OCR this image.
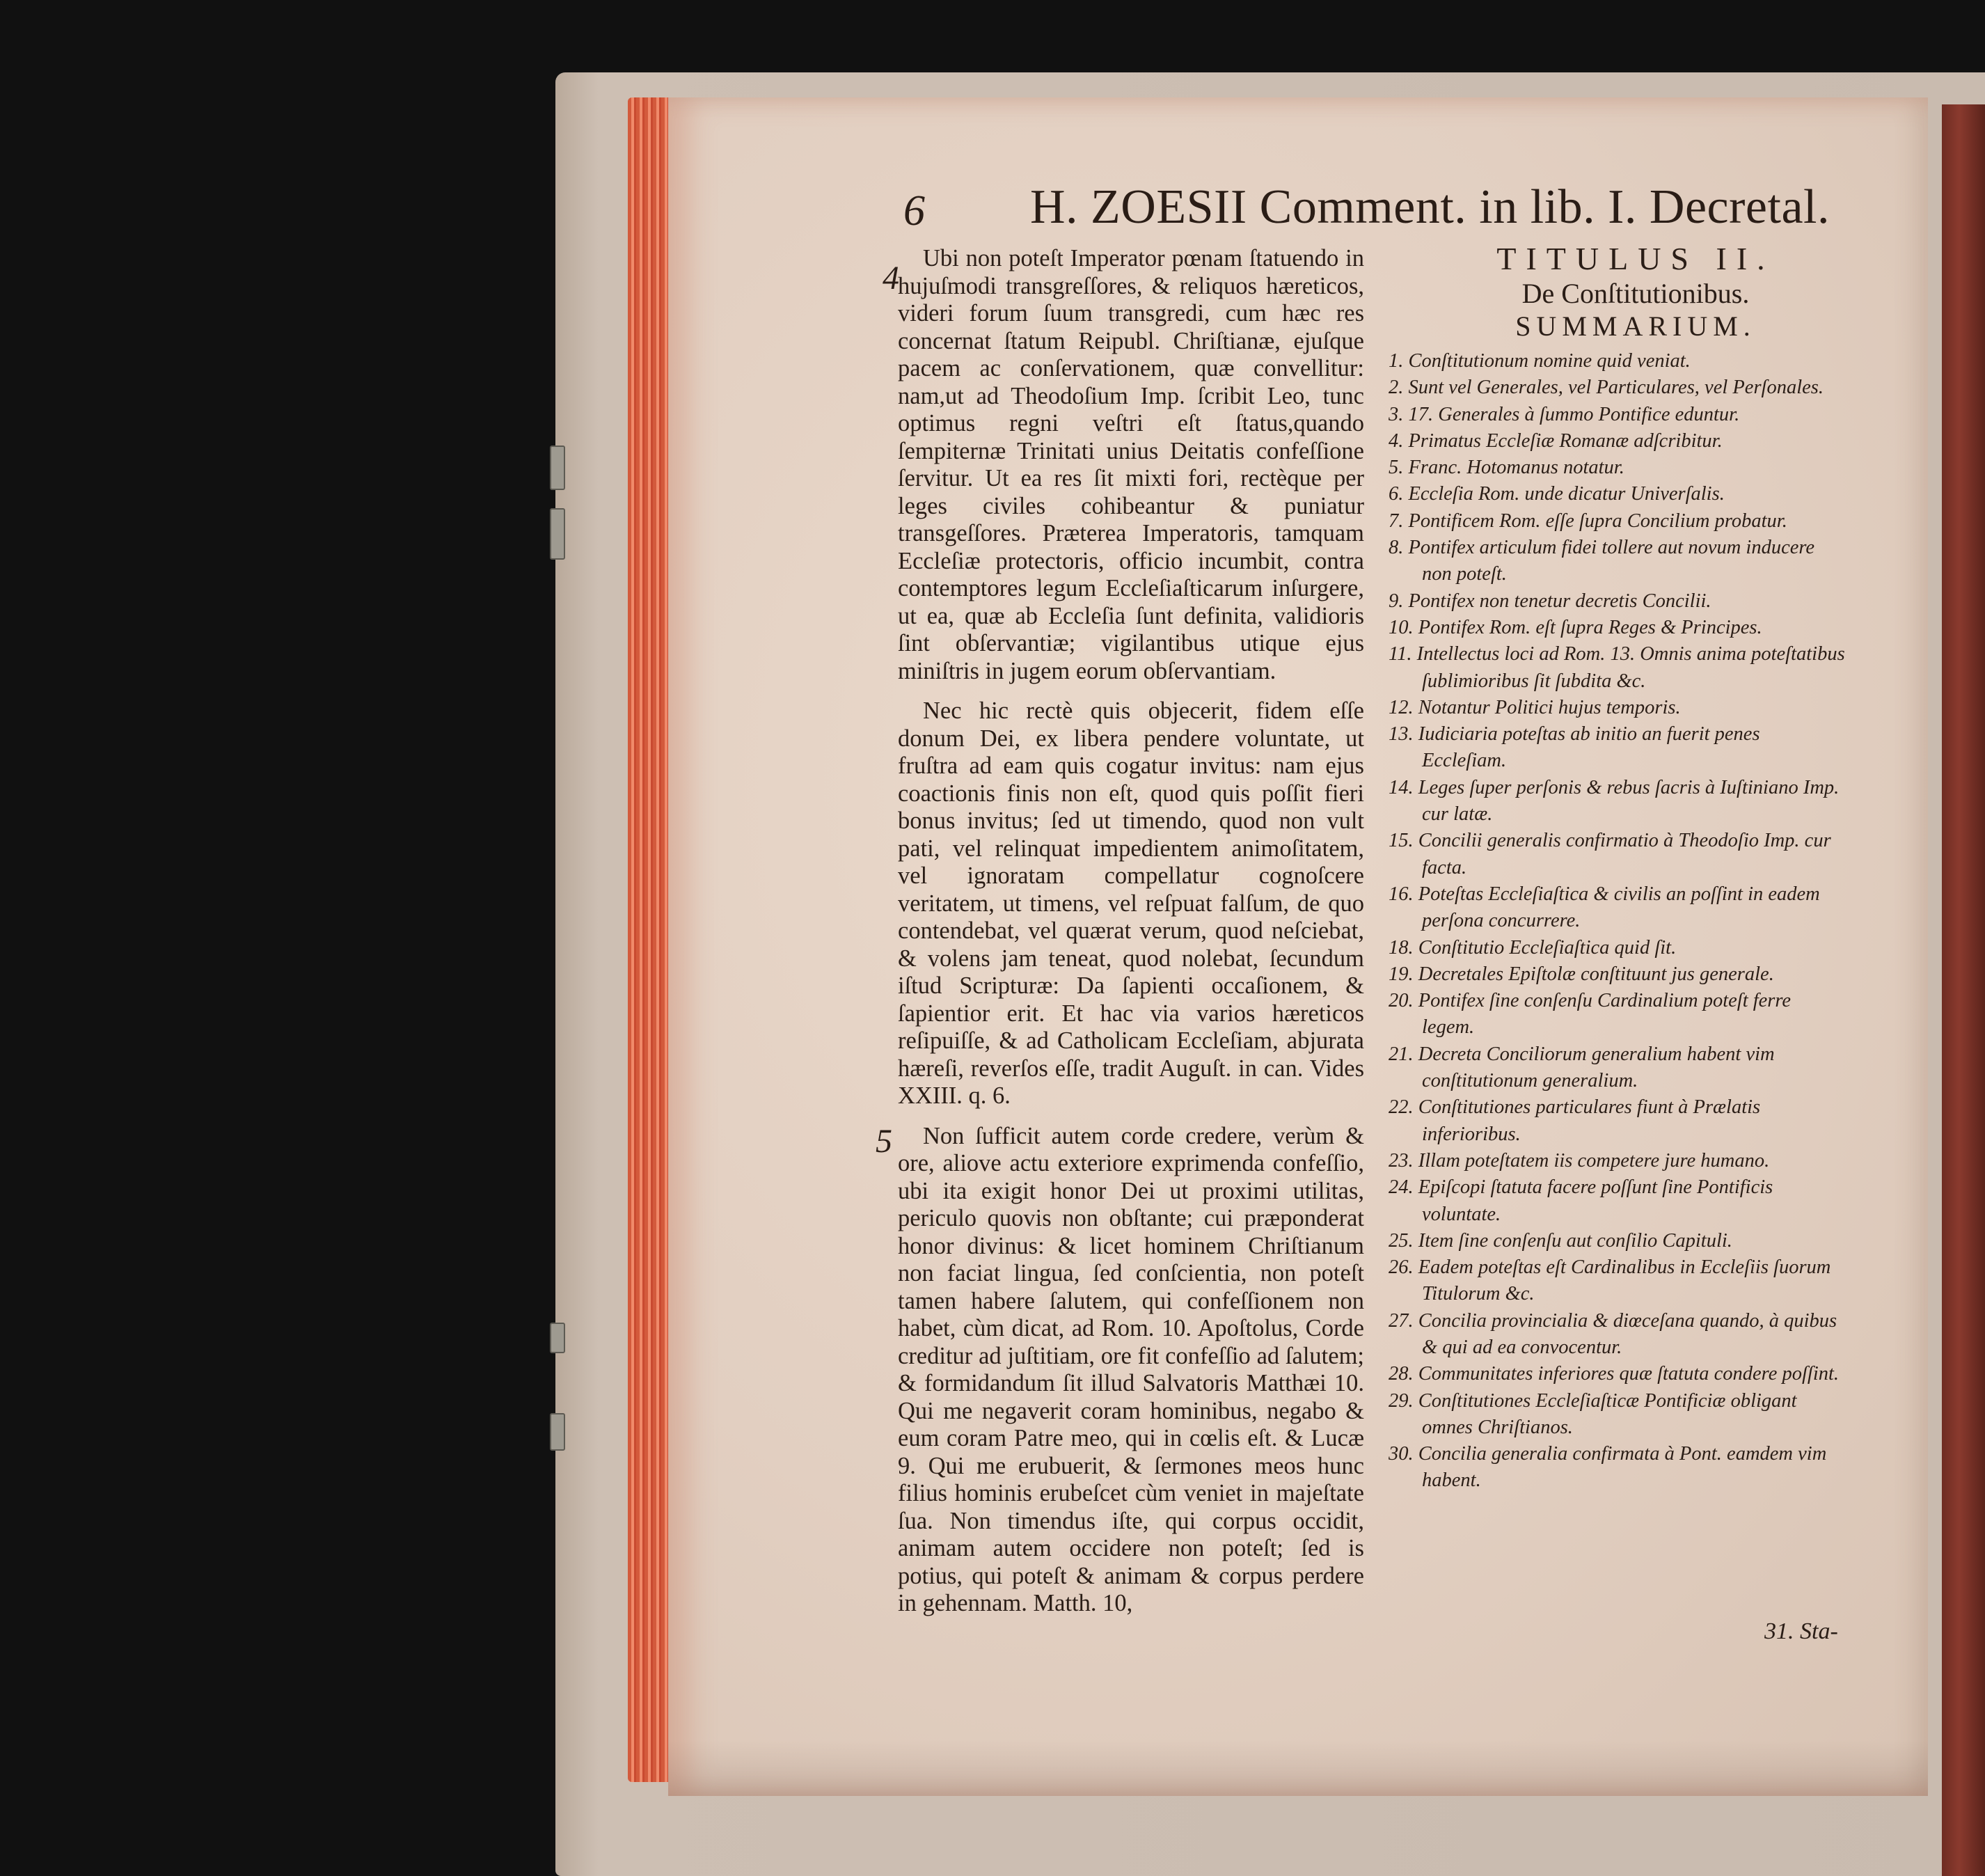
6 H. ZOESII Comment. in lib. I. Decretal.
4
5

Ubi non poteſt Imperator pœnam ſtatuendo in hujuſmodi transgreſſores, & reliquos hæreticos, videri forum ſuum transgredi, cum hæc res concernat ſtatum Reipubl. Chriſtianæ, ejuſque pacem ac conſervationem, quæ convellitur: nam,ut ad Theodoſium Imp. ſcribit Leo, tunc optimus regni veſtri eſt ſtatus,quando ſempiternæ Trinitati unius Deitatis confeſſione ſervitur. Ut ea res ſit mixti fori, rectèque per leges civiles cohibeantur & puniatur transgeſſores. Præterea Imperatoris, tamquam Eccleſiæ protectoris, officio incumbit, contra contemptores legum Eccleſiaſticarum inſurgere, ut ea, quæ ab Eccleſia ſunt definita, validioris ſint obſervantiæ; vigilantibus utique ejus miniſtris in jugem eorum obſervantiam.

Nec hic rectè quis objecerit, fidem eſſe donum Dei, ex libera pendere voluntate, ut fruſtra ad eam quis cogatur invitus: nam ejus coactionis finis non eſt, quod quis poſſit fieri bonus invitus; ſed ut timendo, quod non vult pati, vel relinquat impedientem animoſitatem, vel ignoratam compellatur cognoſcere veritatem, ut timens, vel reſpuat falſum, de quo contendebat, vel quærat verum, quod neſciebat, & volens jam teneat, quod nolebat, ſecundum iſtud Scripturæ: Da ſapienti occaſionem, & ſapientior erit. Et hac via varios hæreticos reſipuiſſe, & ad Catholicam Eccleſiam, abjurata hæreſi, reverſos eſſe, tradit Auguſt. in can. Vides XXIII. q. 6.

Non ſufficit autem corde credere, verùm & ore, aliove actu exteriore exprimenda confeſſio, ubi ita exigit honor Dei ut proximi utilitas, periculo quovis non obſtante; cui præponderat honor divinus: & licet hominem Chriſtianum non faciat lingua, ſed conſcientia, non poteſt tamen habere ſalutem, qui confeſſionem non habet, cùm dicat, ad Rom. 10. Apoſtolus, Corde creditur ad juſtitiam, ore fit confeſſio ad ſalutem; & formidandum ſit illud Salvatoris Matthæi 10. Qui me negaverit coram hominibus, negabo & eum coram Patre meo, qui in cœlis eſt. & Lucæ 9. Qui me erubuerit, & ſermones meos hunc filius hominis erubeſcet cùm veniet in majeſtate ſua. Non timendus iſte, qui corpus occidit, animam autem occidere non poteſt; ſed is potius, qui poteſt & animam & corpus perdere in gehennam. Matth. 10,

TITULUS II.
De Conſtitutionibus.
SUMMARIUM.
1. Conſtitutionum nomine quid veniat.
2. Sunt vel Generales, vel Particulares, vel Perſonales.
3. 17. Generales à ſummo Pontifice eduntur.
4. Primatus Eccleſiæ Romanæ adſcribitur.
5. Franc. Hotomanus notatur.
6. Eccleſia Rom. unde dicatur Univerſalis.
7. Pontificem Rom. eſſe ſupra Concilium probatur.
8. Pontifex articulum fidei tollere aut novum inducere non poteſt.
9. Pontifex non tenetur decretis Concilii.
10. Pontifex Rom. eſt ſupra Reges & Principes.
11. Intellectus loci ad Rom. 13. Omnis anima poteſtatibus ſublimioribus ſit ſubdita &c.
12. Notantur Politici hujus temporis.
13. Iudiciaria poteſtas ab initio an fuerit penes Eccleſiam.
14. Leges ſuper perſonis & rebus ſacris à Iuſtiniano Imp. cur latæ.
15. Concilii generalis confirmatio à Theodoſio Imp. cur facta.
16. Poteſtas Eccleſiaſtica & civilis an poſſint in eadem perſona concurrere.
18. Conſtitutio Eccleſiaſtica quid ſit.
19. Decretales Epiſtolæ conſtituunt jus generale.
20. Pontifex ſine conſenſu Cardinalium poteſt ferre legem.
21. Decreta Conciliorum generalium habent vim conſtitutionum generalium.
22. Conſtitutiones particulares fiunt à Prælatis inferioribus.
23. Illam poteſtatem iis competere jure humano.
24. Epiſcopi ſtatuta facere poſſunt ſine Pontificis voluntate.
25. Item ſine conſenſu aut conſilio Capituli.
26. Eadem poteſtas eſt Cardinalibus in Eccleſiis ſuorum Titulorum &c.
27. Concilia provincialia & diœceſana quando, à quibus & qui ad ea convocentur.
28. Communitates inferiores quæ ſtatuta condere poſſint.
29. Conſtitutiones Eccleſiaſticæ Pontificiæ obligant omnes Chriſtianos.
30. Concilia generalia confirmata à Pont. eamdem vim habent.
31. Sta-
